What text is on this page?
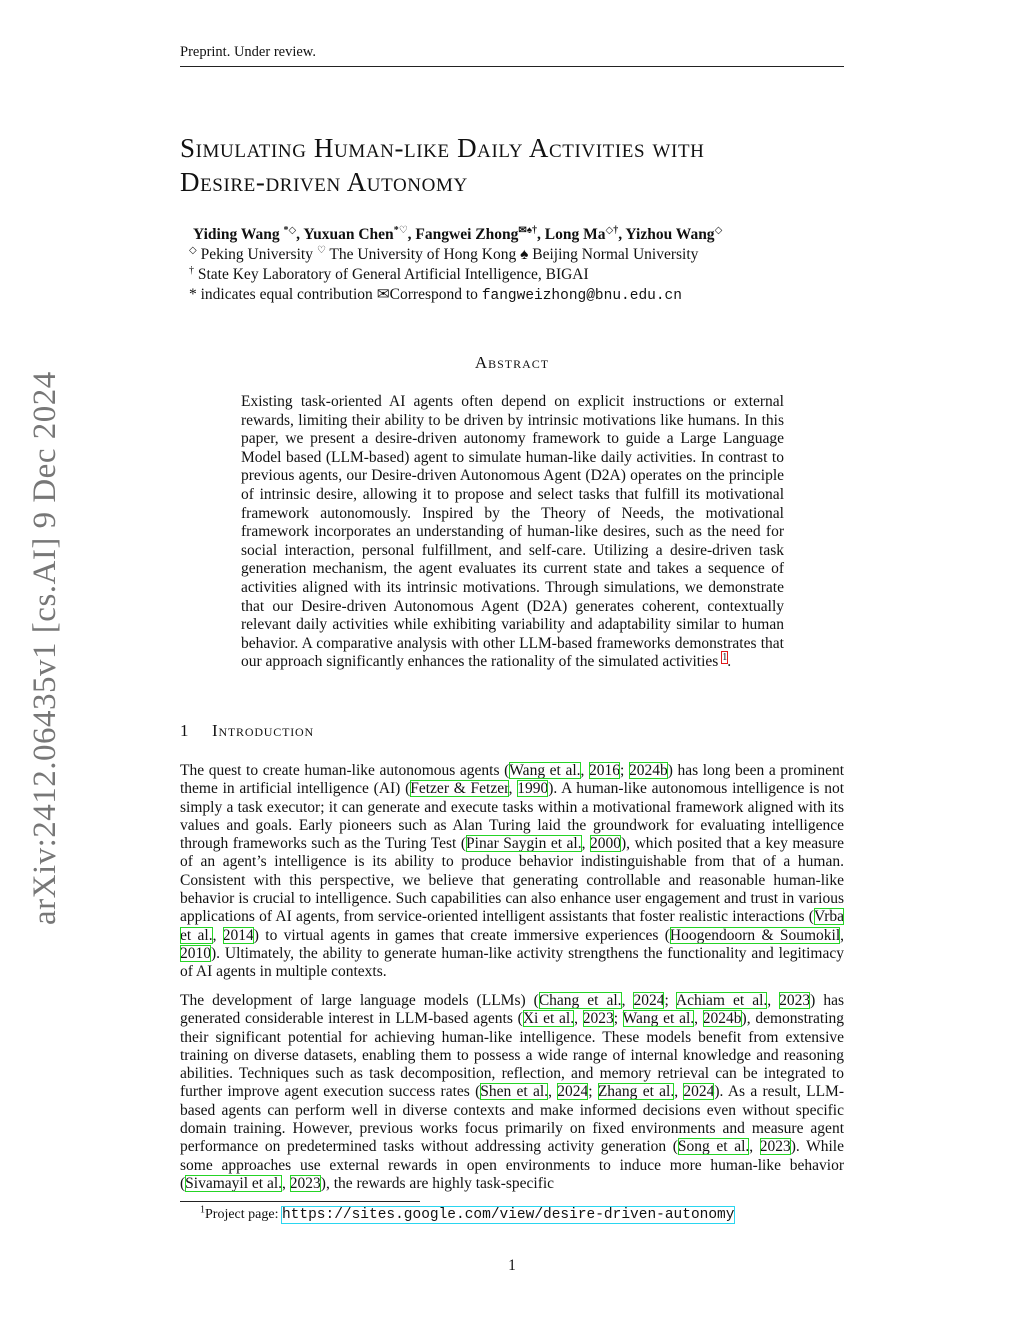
Preprint. Under review.
arXiv:2412.06435v1 [cs.AI] 9 Dec 2024
Simulating Human-like Daily Activities with
Desire-driven Autonomy
Yiding Wang *◇, Yuxuan Chen*♡, Fangwei Zhong✉♠†, Long Ma◇†, Yizhou Wang◇
◇ Peking University ♡ The University of Hong Kong ♠ Beijing Normal University
† State Key Laboratory of General Artificial Intelligence, BIGAI
* indicates equal contribution ✉Correspond to fangweizhong@bnu.edu.cn
Abstract
Existing task-oriented AI agents often depend on explicit instructions or external rewards, limiting their ability to be driven by intrinsic motivations like humans. In this paper, we present a desire-driven autonomy framework to guide a Large Language Model based (LLM-based) agent to simulate human-like daily activities. In contrast to previous agents, our Desire-driven Autonomous Agent (D2A) operates on the principle of intrinsic desire, allowing it to propose and select tasks that fulfill its motivational framework autonomously. Inspired by the Theory of Needs, the motivational framework incorporates an understanding of human-like desires, such as the need for social interaction, personal fulfillment, and self-care. Utilizing a desire-driven task generation mechanism, the agent evaluates its current state and takes a sequence of activities aligned with its intrinsic motivations. Through simulations, we demonstrate that our Desire-driven Autonomous Agent (D2A) generates coherent, contextually relevant daily activities while exhibiting variability and adaptability similar to human behavior. A comparative analysis with other LLM-based frameworks demonstrates that our approach significantly enhances the rationality of the simulated activities $^1$.
1 Introduction

The quest to create human-like autonomous agents (Wang et al., 2016; 2024b) has long been a prominent theme in artificial intelligence (AI) (Fetzer & Fetzer, 1990). A human-like autonomous intelligence is not simply a task executor; it can generate and execute tasks within a motivational framework aligned with its values and goals. Early pioneers such as Alan Turing laid the groundwork for evaluating intelligence through frameworks such as the Turing Test (Pinar Saygin et al., 2000), which posited that a key measure of an agent’s intelligence is its ability to produce behavior indistinguishable from that of a human. Consistent with this perspective, we believe that generating controllable and reasonable human-like behavior is crucial to intelligence. Such capabilities can also enhance user engagement and trust in various applications of AI agents, from service-oriented intelligent assistants that foster realistic interactions (Vrba et al., 2014) to virtual agents in games that create immersive experiences (Hoogendoorn & Soumokil, 2010). Ultimately, the ability to generate human-like activity strengthens the functionality and legitimacy of AI agents in multiple contexts.

The development of large language models (LLMs) (Chang et al., 2024; Achiam et al., 2023) has generated considerable interest in LLM-based agents (Xi et al., 2023; Wang et al., 2024b), demonstrating their significant potential for achieving human-like intelligence. These models benefit from extensive training on diverse datasets, enabling them to possess a wide range of internal knowledge and reasoning abilities. Techniques such as task decomposition, reflection, and memory retrieval can be integrated to further improve agent execution success rates (Shen et al., 2024; Zhang et al., 2024). As a result, LLM-based agents can perform well in diverse contexts and make informed decisions even without specific domain training. However, previous works focus primarily on fixed environments and measure agent performance on predetermined tasks without addressing activity generation (Song et al., 2023). While some approaches use external rewards in open environments to induce more human-like behavior (Sivamayil et al., 2023), the rewards are highly task-specific

$^1$Project page: https://sites.google.com/view/desire-driven-autonomy
1
